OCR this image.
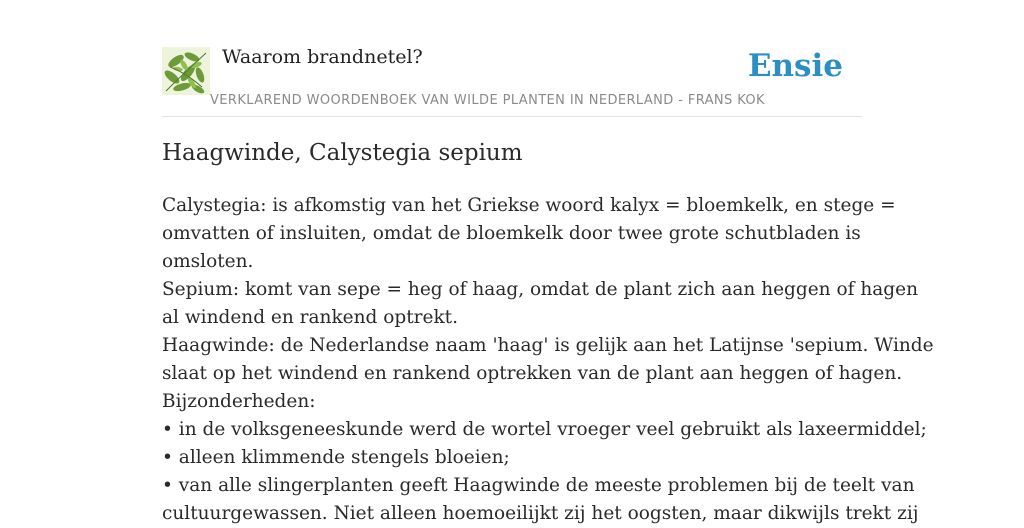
Waarom brandnetel?
VERKLAREND WOORDENBOEK VAN WILDE PLANTEN IN NEDERLAND - FRANS KOK
Ensie
Haagwinde, Calystegia sepium

Calystegia: is afkomstig van het Griekse woord kalyx = bloemkelk, en stege =

omvatten of insluiten, omdat de bloemkelk door twee grote schutbladen is

omsloten.

Sepium: komt van sepe = heg of haag, omdat de plant zich aan heggen of hagen

al windend en rankend optrekt.

Haagwinde: de Nederlandse naam 'haag' is gelijk aan het Latijnse 'sepium. Winde

slaat op het windend en rankend optrekken van de plant aan heggen of hagen.

Bijzonderheden:

• in de volksgeneeskunde werd de wortel vroeger veel gebruikt als laxeermiddel;

• alleen klimmende stengels bloeien;

• van alle slingerplanten geeft Haagwinde de meeste problemen bij de teelt van

cultuurgewassen. Niet alleen hoemoeilijkt zij het oogsten, maar dikwijls trekt zij
